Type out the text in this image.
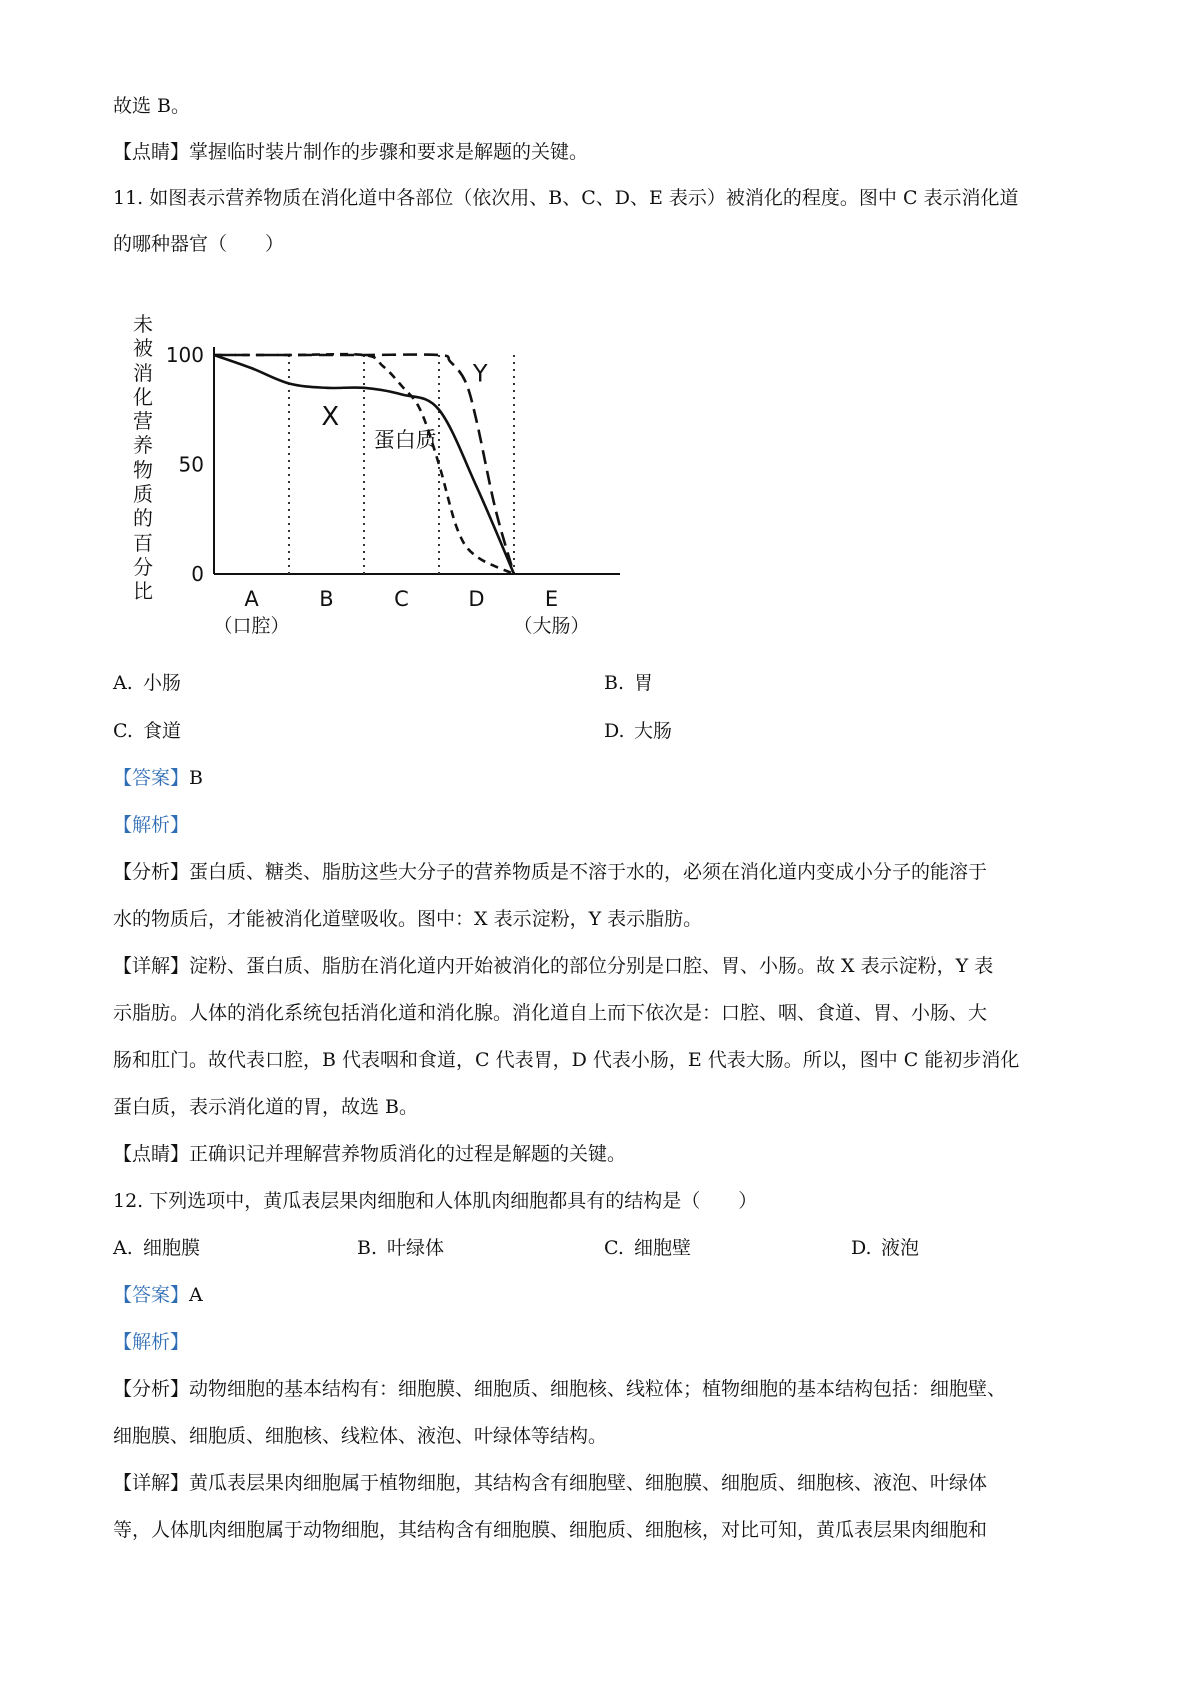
故选 B。
【点睛】掌握临时装片制作的步骤和要求是解题的关键。
11. 如图表示营养物质在消化道中各部位（依次用、B、C、D、E 表示）被消化的程度。图中 C 表示消化道
的哪种器官（　　）
未被消化营养物质的百分比
0
50
100
A
（口腔）
B	C	D	E
（大肠）
X
蛋白质
Y
A. 小肠	B. 胃
C. 食道	D. 大肠
【答案】B
【解析】
【分析】蛋白质、糖类、脂肪这些大分子的营养物质是不溶于水的，必须在消化道内变成小分子的能溶于
水的物质后，才能被消化道壁吸收。图中：X 表示淀粉，Y 表示脂肪。
【详解】淀粉、蛋白质、脂肪在消化道内开始被消化的部位分别是口腔、胃、小肠。故 X 表示淀粉，Y 表
示脂肪。人体的消化系统包括消化道和消化腺。消化道自上而下依次是：口腔、咽、食道、胃、小肠、大
肠和肛门。故代表口腔，B 代表咽和食道，C 代表胃，D 代表小肠，E 代表大肠。所以，图中 C 能初步消化
蛋白质，表示消化道的胃，故选 B。
【点睛】正确识记并理解营养物质消化的过程是解题的关键。
12. 下列选项中，黄瓜表层果肉细胞和人体肌肉细胞都具有的结构是（　　）
A. 细胞膜	B. 叶绿体	C. 细胞壁	D. 液泡
【答案】A
【解析】
【分析】动物细胞的基本结构有：细胞膜、细胞质、细胞核、线粒体；植物细胞的基本结构包括：细胞壁、
细胞膜、细胞质、细胞核、线粒体、液泡、叶绿体等结构。
【详解】黄瓜表层果肉细胞属于植物细胞，其结构含有细胞壁、细胞膜、细胞质、细胞核、液泡、叶绿体
等，人体肌肉细胞属于动物细胞，其结构含有细胞膜、细胞质、细胞核，对比可知，黄瓜表层果肉细胞和
